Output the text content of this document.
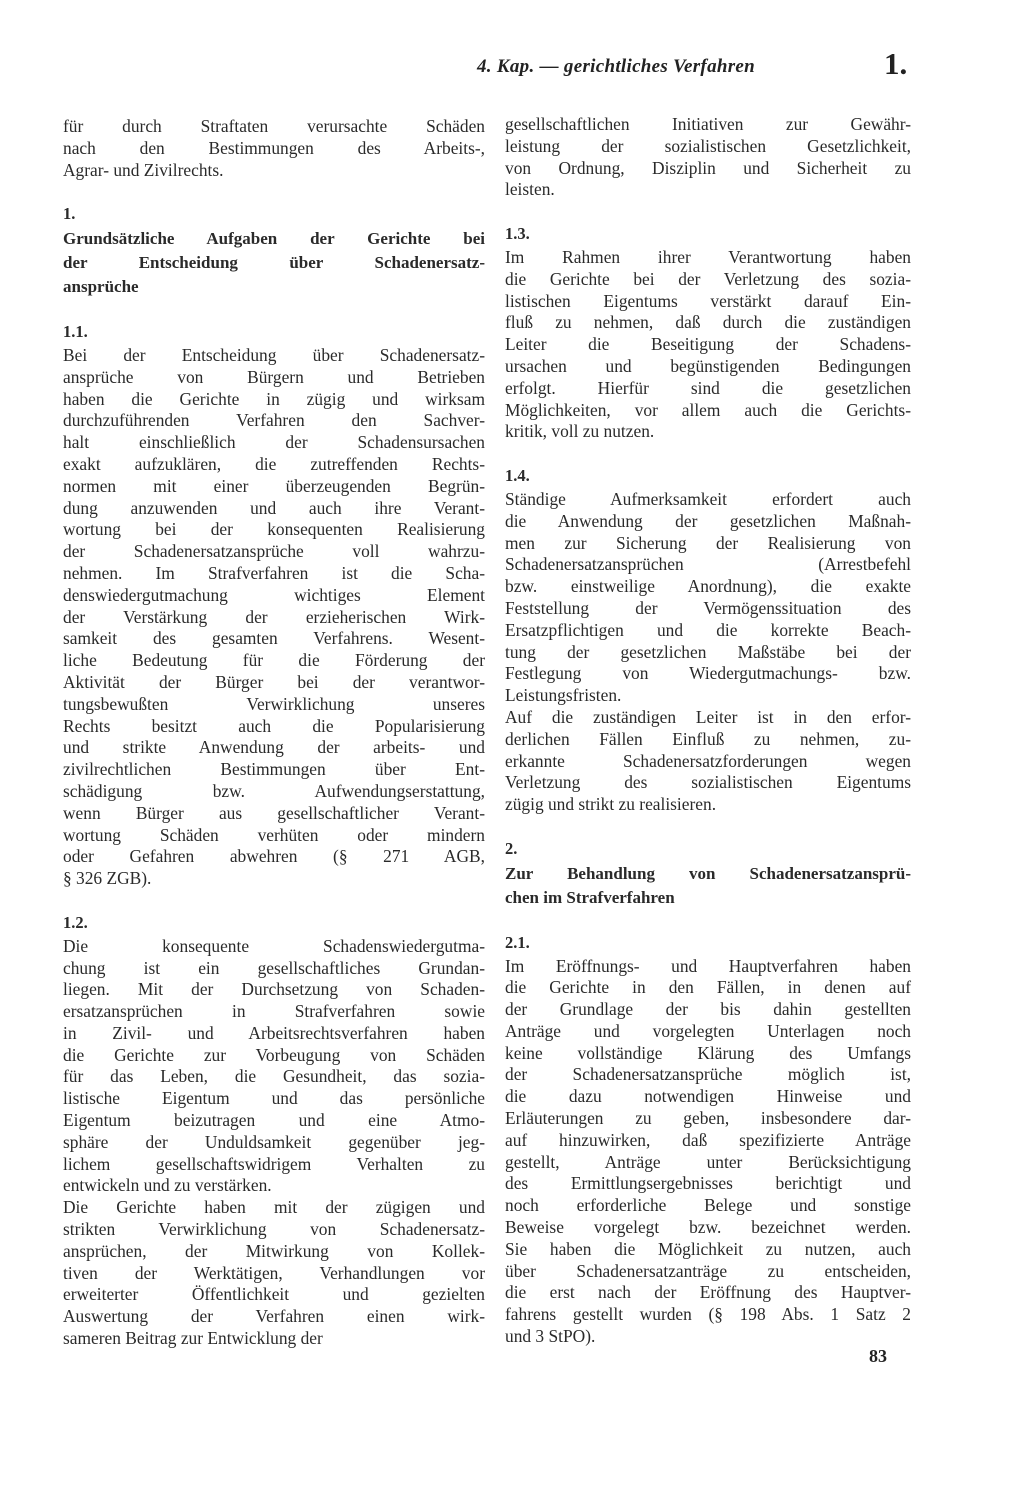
4. Kap. — gerichtliches Verfahren	1.
für durch Straftaten verursachte Schäden
nach den Bestimmungen des Arbeits-,
Agrar- und Zivilrechts.
1.
Grundsätzliche Aufgaben der Gerichte bei
der Entscheidung über Schadenersatz-
ansprüche
1.1.
Bei der Entscheidung über Schadenersatz-
ansprüche von Bürgern und Betrieben
haben die Gerichte in zügig und wirksam
durchzuführenden Verfahren den Sachver-
halt einschließlich der Schadensursachen
exakt aufzuklären, die zutreffenden Rechts-
normen mit einer überzeugenden Begrün-
dung anzuwenden und auch ihre Verant-
wortung bei der konsequenten Realisierung
der Schadenersatzansprüche voll wahrzu-
nehmen. Im Strafverfahren ist die Scha-
denswiedergutmachung wichtiges Element
der Verstärkung der erzieherischen Wirk-
samkeit des gesamten Verfahrens. Wesent-
liche Bedeutung für die Förderung der
Aktivität der Bürger bei der verantwor-
tungsbewußten Verwirklichung unseres
Rechts besitzt auch die Popularisierung
und strikte Anwendung der arbeits- und
zivilrechtlichen Bestimmungen über Ent-
schädigung bzw. Aufwendungserstattung,
wenn Bürger aus gesellschaftlicher Verant-
wortung Schäden verhüten oder mindern
oder Gefahren abwehren (§ 271 AGB,
§ 326 ZGB).
1.2.
Die konsequente Schadenswiedergutma-
chung ist ein gesellschaftliches Grundan-
liegen. Mit der Durchsetzung von Schaden-
ersatzansprüchen in Strafverfahren sowie
in Zivil- und Arbeitsrechtsverfahren haben
die Gerichte zur Vorbeugung von Schäden
für das Leben, die Gesundheit, das sozia-
listische Eigentum und das persönliche
Eigentum beizutragen und eine Atmo-
sphäre der Unduldsamkeit gegenüber jeg-
lichem gesellschaftswidrigem Verhalten zu
entwickeln und zu verstärken.
Die Gerichte haben mit der zügigen und
strikten Verwirklichung von Schadenersatz-
ansprüchen, der Mitwirkung von Kollek-
tiven der Werktätigen, Verhandlungen vor
erweiterter Öffentlichkeit und gezielten
Auswertung der Verfahren einen wirk-
sameren Beitrag zur Entwicklung der
gesellschaftlichen Initiativen zur Gewähr-
leistung der sozialistischen Gesetzlichkeit,
von Ordnung, Disziplin und Sicherheit zu
leisten.
1.3.
Im Rahmen ihrer Verantwortung haben
die Gerichte bei der Verletzung des sozia-
listischen Eigentums verstärkt darauf Ein-
fluß zu nehmen, daß durch die zuständigen
Leiter die Beseitigung der Schadens-
ursachen und begünstigenden Bedingungen
erfolgt. Hierfür sind die gesetzlichen
Möglichkeiten, vor allem auch die Gerichts-
kritik, voll zu nutzen.
1.4.
Ständige Aufmerksamkeit erfordert auch
die Anwendung der gesetzlichen Maßnah-
men zur Sicherung der Realisierung von
Schadenersatzansprüchen (Arrestbefehl
bzw. einstweilige Anordnung), die exakte
Feststellung der Vermögenssituation des
Ersatzpflichtigen und die korrekte Beach-
tung der gesetzlichen Maßstäbe bei der
Festlegung von Wiedergutmachungs- bzw.
Leistungsfristen.
Auf die zuständigen Leiter ist in den erfor-
derlichen Fällen Einfluß zu nehmen, zu-
erkannte Schadenersatzforderungen wegen
Verletzung des sozialistischen Eigentums
zügig und strikt zu realisieren.
2.
Zur Behandlung von Schadenersatzansprü-
chen im Strafverfahren
2.1.
Im Eröffnungs- und Hauptverfahren haben
die Gerichte in den Fällen, in denen auf
der Grundlage der bis dahin gestellten
Anträge und vorgelegten Unterlagen noch
keine vollständige Klärung des Umfangs
der Schadenersatzansprüche möglich ist,
die dazu notwendigen Hinweise und
Erläuterungen zu geben, insbesondere dar-
auf hinzuwirken, daß spezifizierte Anträge
gestellt, Anträge unter Berücksichtigung
des Ermittlungsergebnisses berichtigt und
noch erforderliche Belege und sonstige
Beweise vorgelegt bzw. bezeichnet werden.
Sie haben die Möglichkeit zu nutzen, auch
über Schadenersatzanträge zu entscheiden,
die erst nach der Eröffnung des Hauptver-
fahrens gestellt wurden (§ 198 Abs. 1 Satz 2
und 3 StPO).
83
